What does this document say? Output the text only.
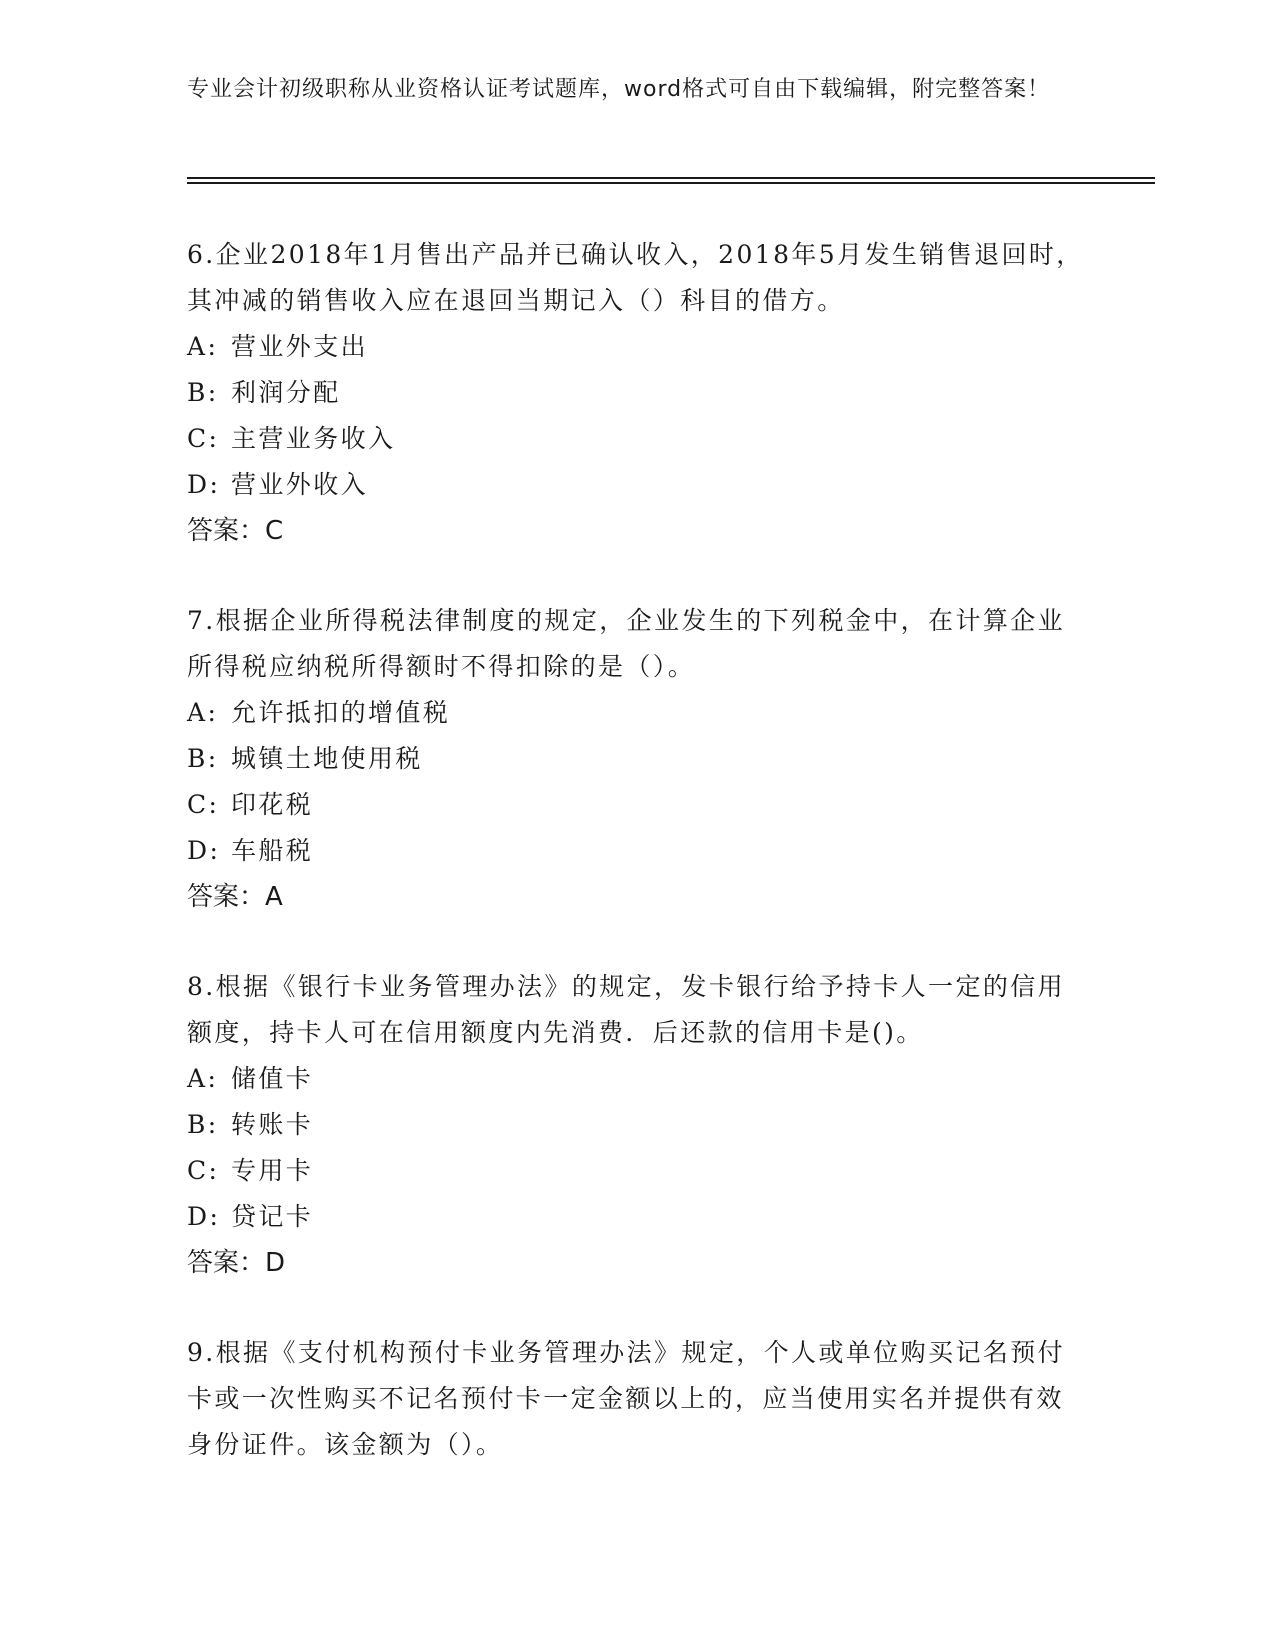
专业会计初级职称从业资格认证考试题库，word格式可自由下载编辑，附完整答案！

6.企业2018年1月售出产品并已确认收入，2018年5月发生销售退回时，其冲减的销售收入应在退回当期记入（）科目的借方。

A: 营业外支出
B: 利润分配
C: 主营业务收入
D: 营业外收入

答案：C

7.根据企业所得税法律制度的规定，企业发生的下列税金中，在计算企业所得税应纳税所得额时不得扣除的是（）。

A: 允许抵扣的增值税
B: 城镇土地使用税
C: 印花税
D: 车船税

答案：A

8.根据《银行卡业务管理办法》的规定，发卡银行给予持卡人一定的信用额度，持卡人可在信用额度内先消费．后还款的信用卡是()。

A: 储值卡
B: 转账卡
C: 专用卡
D: 贷记卡

答案：D

9.根据《支付机构预付卡业务管理办法》规定，个人或单位购买记名预付卡或一次性购买不记名预付卡一定金额以上的，应当使用实名并提供有效身份证件。该金额为（）。
